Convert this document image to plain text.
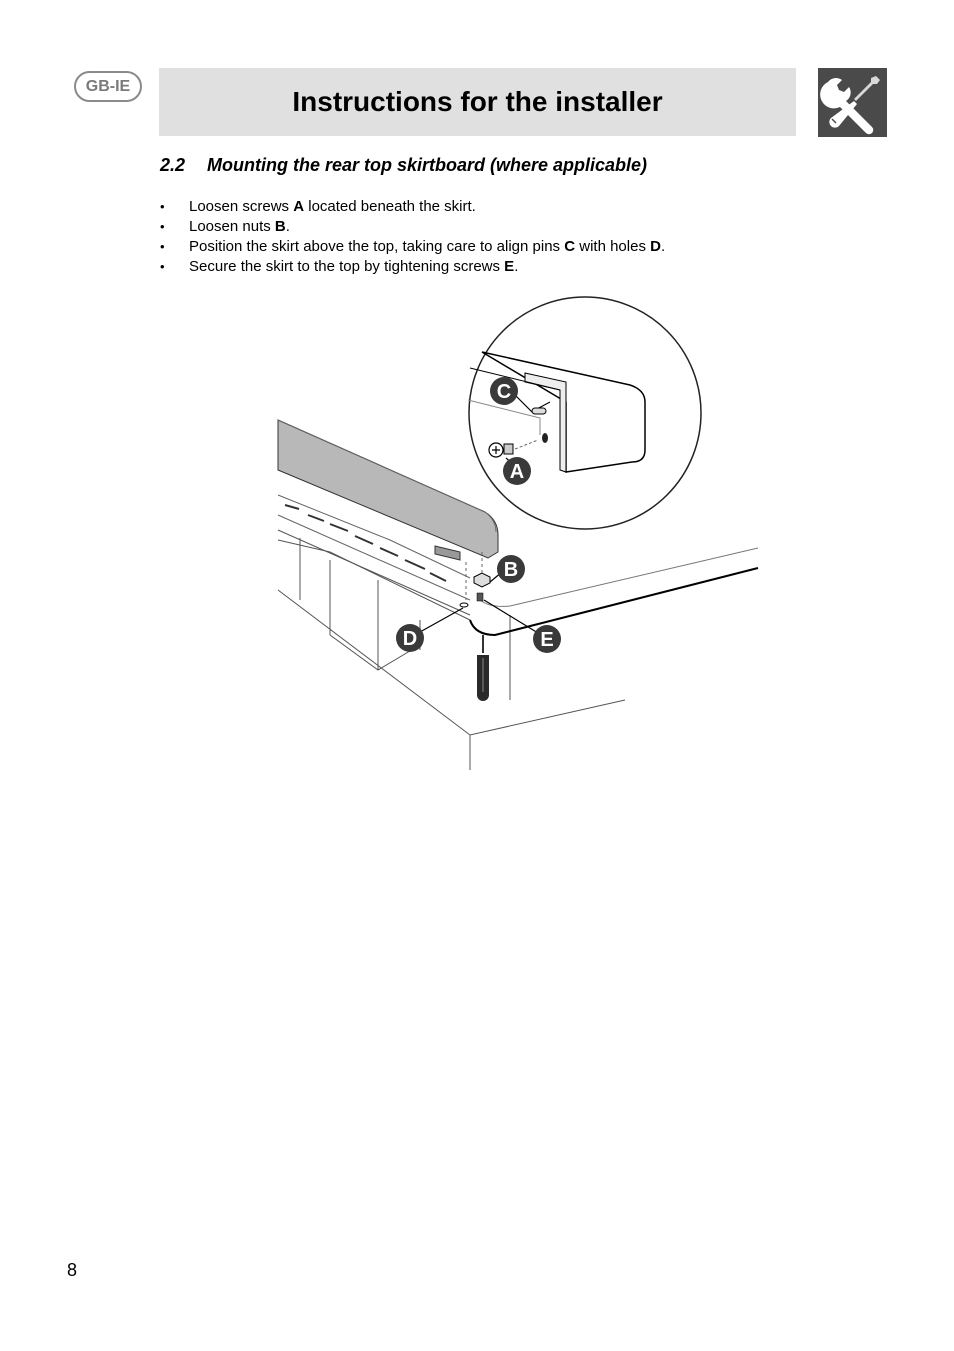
GB-IE	Instructions for the installer
2.2 Mounting the rear top skirtboard (where applicable)
• Loosen screws A located beneath the skirt.
• Loosen nuts B.
• Position the skirt above the top, taking care to align pins C with holes D.
• Secure the skirt to the top by tightening screws E.
C
A
B
D	E
8
